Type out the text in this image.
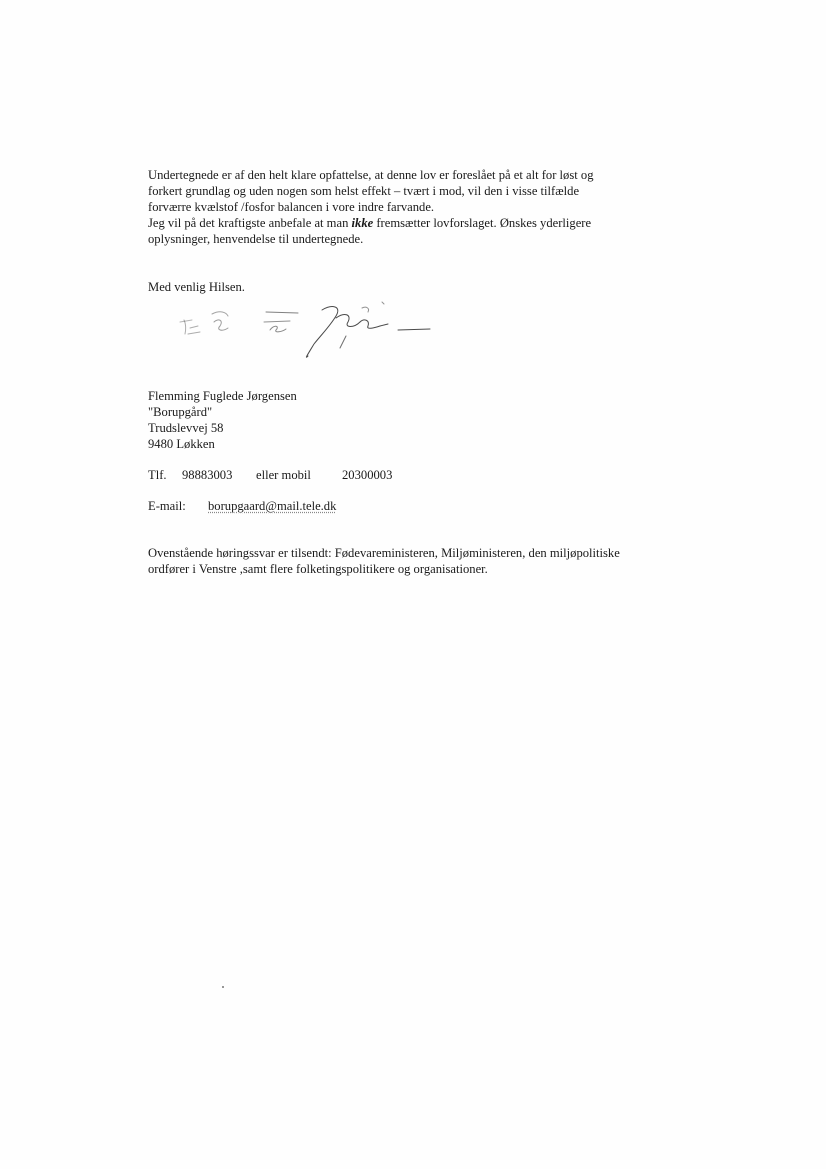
Undertegnede er af den helt klare opfattelse, at denne lov er foreslået på et alt for løst og
forkert grundlag og uden nogen som helst effekt – tvært i mod, vil den i visse tilfælde
forværre kvælstof /fosfor balancen i vore indre farvande.
Jeg vil på det kraftigste anbefale at man ikke fremsætter lovforslaget. Ønskes yderligere
oplysninger, henvendelse til undertegnede.
Med venlig Hilsen.
Flemming Fuglede Jørgensen
"Borupgård"
Trudslevvej 58
9480 Løkken
Tlf. 98883003 eller mobil 20300003
E-mail: borupgaard@mail.tele.dk
Ovenstående høringssvar er tilsendt: Fødevareministeren, Miljøministeren, den miljøpolitiske
ordfører i Venstre ,samt flere folketingspolitikere og organisationer.
